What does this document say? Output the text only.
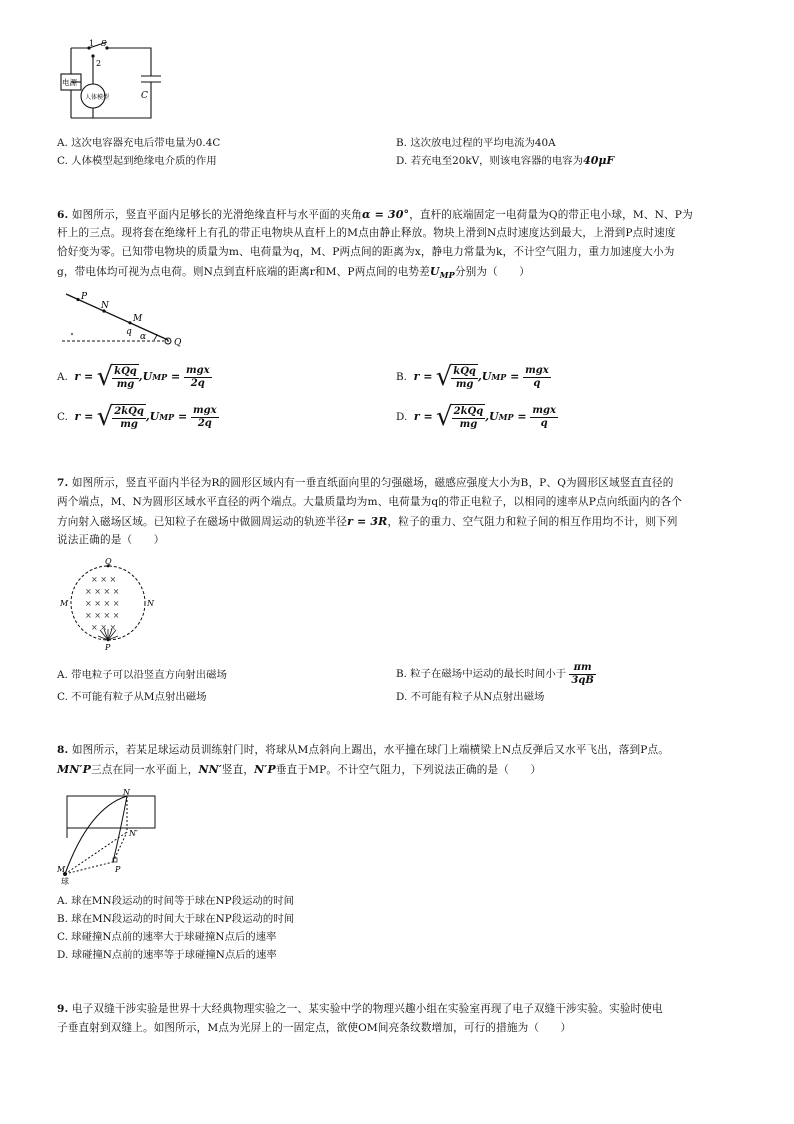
1 S
2
电源
人体模型	C
A. 这次电容器充电后带电量为0.4C	B. 这次放电过程的平均电流为40A
C. 人体模型起到绝缘电介质的作用	D. 若充电至20kV，则该电容器的电容为40μF
6. 如图所示，竖直平面内足够长的光滑绝缘直杆与水平面的夹角α = 30°，直杆的底端固定一电荷量为Q的带正电小球，M、N、P为
杆上的三点。现将套在绝缘杆上有孔的带正电物块从直杆上的M点由静止释放。物块上滑到N点时速度达到最大，上滑到P点时速度
恰好变为零。已知带电物块的质量为m、电荷量为q，M、P两点间的距离为x，静电力常量为k，不计空气阻力，重力加速度大小为
g，带电体均可视为点电荷。则N点到直杆底端的距离r和M、P两点间的电势差$U_{MP}$分别为（　　）
P
N
M
q α
Q
A.
r =
√ $\frac{\text{kQq}}{mg} ,U$ MP = $\frac{\text{mgx}}{2q}$	B.
r =
√ $\frac{\text{kQq}}{mg} ,U$ MP = $\frac{\text{mgx}}{q}$
C.
r =
√ $\frac{\text{2kQq}}{mg} ,U$ MP = $\frac{\text{mgx}}{2q}$	D.
r =
√ $\frac{\text{2kQq}}{mg} ,U$ MP = $\frac{\text{mgx}}{q}$
7. 如图所示，竖直平面内半径为R的圆形区域内有一垂直纸面向里的匀强磁场，磁感应强度大小为B，P、Q为圆形区域竖直直径的
两个端点，M、N为圆形区域水平直径的两个端点。大量质量均为m、电荷量为q的带正电粒子，以相同的速率从P点向纸面内的各个
方向射入磁场区域。已知粒子在磁场中做圆周运动的轨迹半径r = 3R，粒子的重力、空气阻力和粒子间的相互作用均不计，则下列
说法正确的是（　　）
× × ×
× × × ×
× × × ×
× × × ×
× × ×
Q
M	N
P
A. 带电粒子可以沿竖直方向射出磁场	B. 粒子在磁场中运动的最长时间小于
$\frac{\pi m}{3qB}$
C. 不可能有粒子从M点射出磁场	D. 不可能有粒子从N点射出磁场
8. 如图所示，若某足球运动员训练射门时，将球从M点斜向上踢出，水平撞在球门上端横梁上N点反弹后又水平飞出，落到P点。
MN′P三点在同一水平面上，NN′竖直，N′P垂直于MP。不计空气阻力，下列说法正确的是（　　）
N
N′
M	P
球
A. 球在MN段运动的时间等于球在NP段运动的时间
B. 球在MN段运动的时间大于球在NP段运动的时间
C. 球碰撞N点前的速率大于球碰撞N点后的速率
D. 球碰撞N点前的速率等于球碰撞N点后的速率
9. 电子双缝干涉实验是世界十大经典物理实验之一、某实验中学的物理兴趣小组在实验室再现了电子双缝干涉实验。实验时使电
子垂直射到双缝上。如图所示，M点为光屏上的一固定点，欲使OM间亮条纹数增加，可行的措施为（　　）
